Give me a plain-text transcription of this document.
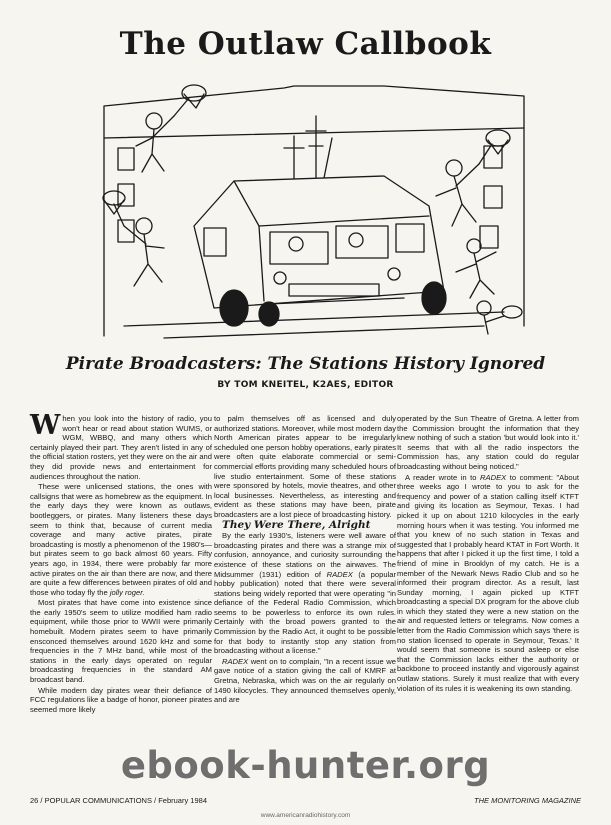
The Outlaw Callbook
Pirate Broadcasters: The Stations History Ignored
BY TOM KNEITEL, K2AES, EDITOR

When you look into the history of radio, you won't hear or read about station WUMS, or WGM, WBBQ, and many others which certainly played their part. They aren't listed in any of the official station rosters, yet they were on the air and they did provide news and entertainment for audiences throughout the nation.

These were unlicensed stations, the ones with callsigns that were as homebrew as the equipment. In the early days they were known as outlaws, bootleggers, or pirates. Many listeners these days seem to think that, because of current media coverage and many active pirates, pirate broadcasting is mostly a phenomenon of the 1980's—but pirates seem to go back almost 60 years. Fifty years ago, in 1934, there were probably far more active pirates on the air than there are now, and there are quite a few differences between pirates of old and those who today fly the jolly roger.

Most pirates that have come into existence since the early 1950's seem to utilize modified ham radio equipment, while those prior to WWII were primarily homebuilt. Modern pirates seem to have primarily ensconced themselves around 1620 kHz and some frequencies in the 7 MHz band, while most of the stations in the early days operated on regular broadcasting frequencies in the standard AM broadcast band.

While modern day pirates wear their defiance of FCC regulations like a badge of honor, pioneer pirates seemed more likely

to palm themselves off as licensed and duly authorized stations. Moreover, while most modern day North American pirates appear to be irregularly scheduled one person hobby operations, early pirates were often quite elaborate commercial or semi-commercial efforts providing many scheduled hours of live studio entertainment. Some of these stations were sponsored by hotels, movie theatres, and other local businesses. Nevertheless, as interesting and evident as these stations may have been, pirate broadcasters are a lost piece of broadcasting history.

They Were There, Alright

By the early 1930's, listeners were well aware of broadcasting pirates and there was a strange mix of confusion, annoyance, and curiosity surrounding the existence of these stations on the airwaves. The Midsummer (1931) edition of RADEX (a popular hobby publication) noted that there were several stations being widely reported that were operating "in defiance of the Federal Radio Commission, which seems to be powerless to enforce its own rules. Certainly with the broad powers granted to the Commission by the Radio Act, it ought to be possible for that body to instantly stop any station from broadcasting without a license."

RADEX went on to complain, "In a recent issue we gave notice of a station giving the call of KMRF at Gretna, Nebraska, which was on the air regularly on 1490 kilocycles. They announced themselves openly, and are

operated by the Sun Theatre of Gretna. A letter from the Commission brought the information that they knew nothing of such a station 'but would look into it.' It seems that with all the radio inspectors the Commission has, any station could do regular broadcasting without being noticed."

A reader wrote in to RADEX to comment: "About three weeks ago I wrote to you to ask for the frequency and power of a station calling itself KTFT and giving its location as Seymour, Texas. I had picked it up on about 1210 kilocycles in the early morning hours when it was testing. You informed me that you knew of no such station in Texas and suggested that I probably heard KTAT in Fort Worth. It happens that after I picked it up the first time, I told a friend of mine in Brooklyn of my catch. He is a member of the Newark News Radio Club and so he informed their program director. As a result, last Sunday morning, I again picked up KTFT broadcasting a special DX program for the above club in which they stated they were a new station on the air and requested letters or telegrams. Now comes a letter from the Radio Commission which says 'there is no station licensed to operate in Seymour, Texas.' It would seem that someone is sound asleep or else that the Commission lacks either the authority or backbone to proceed instantly and vigorously against outlaw stations. Surely it must realize that with every violation of its rules it is weakening its own standing.

ebook-hunter.org
26 / POPULAR COMMUNICATIONS / February 1984	THE MONITORING MAGAZINE
www.americanradiohistory.com
